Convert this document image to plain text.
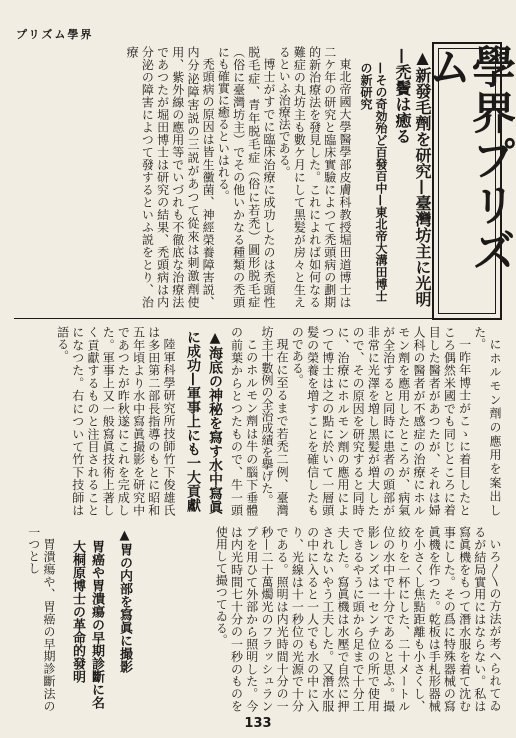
プリズム學界
學界プリズム
▲新發毛劑を研究—臺灣坊主に光明—禿鬢は癒る
—その奇効殆ど百發百中—東北帝大溝田博士の新研究

東北帝國大學醫學部皮膚科教授堀田道博士は二ケ年の研究と臨床實驗によつて禿頭病の劃期的新治療法を發見した。これによれば如何なる難症の丸坊主も數ケ月にして黑髪が房々と生えるといふ治療法である。

博士がすでに臨床治療に成功したのは禿頭性脱毛症、青年脱毛症（俗に若禿）圓形脱毛症（俗に臺灣坊主）でその他いかなる種類の禿頭にも確實に癒るといはれる。

禿頭病の原因は皆生黴菌、神經榮養障害説、内分泌障害説の三説があつて從來は刺激劑使用、紫外線の應用等でいづれも不徹底な治療法であつたが堀田博士は研究の結果、禿頭病は内分泌の障害によつて發するといふ説をとり、治療

にホルモン劑の應用を案出した。

一昨年博士がこゝに着目したところ偶然米國でも同じところに着目した醫者があつたが、それは婦人科の醫者が不感症の治療にホルモン劑を應用したところが、病氣が全治すると同時に患者の頭部が非常に光澤を増し黑髪が増大したので、その原因を研究すると同時に、治療にホルモン劑の應用によつて博士は之の點に於いて一層頭髪の榮養を増すことを確信したものである。

現在に至るまで若禿二例、臺灣坊主十數例の全治成績を擧げた。

このホルモン劑は牛の腦下垂體の前葉からとつたもので、牛一頭

▲海底の神秘を寫す水中寫眞に成功—軍事上にも一大貢獻

陸軍科學研究所技師竹下俊雄氏は多田第二部長指導のもとに昭和五年頃より水中寫眞撮影を研究中であつたが昨秋遂にこれを完成した。軍事上又一般寫眞技術上著しく貢獻するものと注目されることになつた。右について竹下技師は語る。

いろ〳〵の方法が考へられてゐるが結局實用にはならない。私は寫眞機をもつて潛水服を着て沈む事にした。その爲に特殊器械の寫眞機を作つた。乾板は手札形器械を小さくし焦點距離も小さくし、絞りを一杯にした、二十メートル位の水中で十分であると思ふ。撮影レンズは一センチ位の所で使用できるやうに頭から足まで十分工夫した。寫眞機は水壓で自然に押されないやう工夫した。又潛水服の中に入ると一人でも水の中に入り、光線は十一秒位の光源で十分である。照明は内光時間十分の一秒—二十萬燭光のフラッシュランプを用ひて外部から照明した。今は内光時間七十分の一秒のものを使用して撮つてゐる。

▲胃の内部を寫眞に撮影
胃癌や胃潰瘍の早期診斷に名大桐原博士の革命的發明

胃潰瘍や、胃癌の早期診斷法の一つとし

133
